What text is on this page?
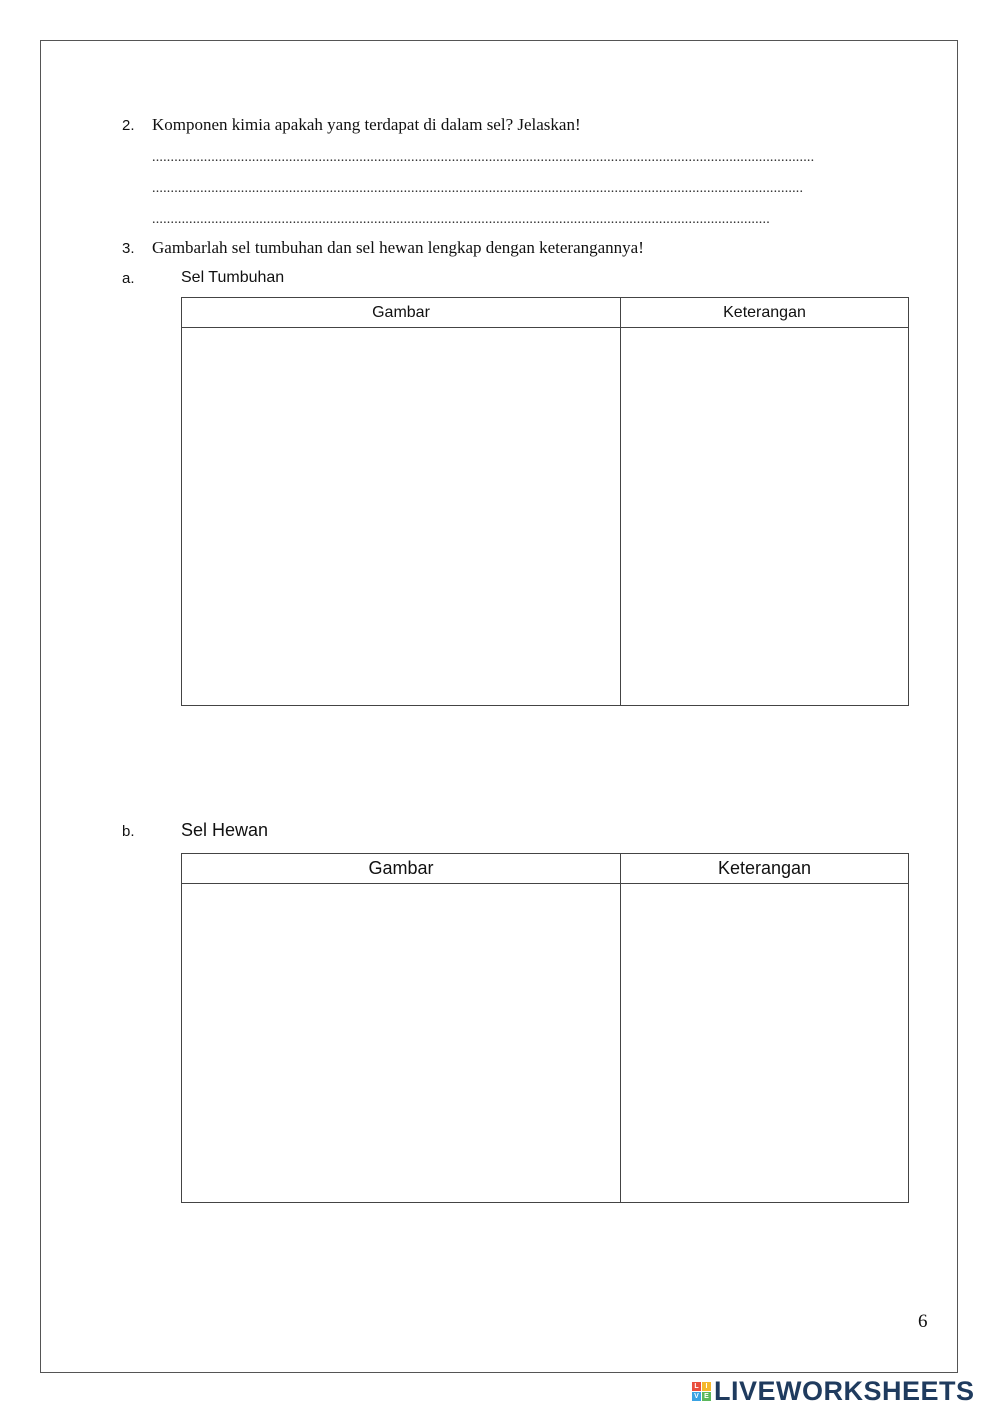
2. Komponen kimia apakah yang terdapat di dalam sel? Jelaskan!
...................................................................................................................................................................................
................................................................................................................................................................................
.......................................................................................................................................................................
3. Gambarlah sel tumbuhan dan sel hewan lengkap dengan keterangannya!
a.	Sel Tumbuhan
Gambar	Keterangan

b.	Sel Hewan
Gambar	Keterangan

6
L I
V E LIVEWORKSHEETS
